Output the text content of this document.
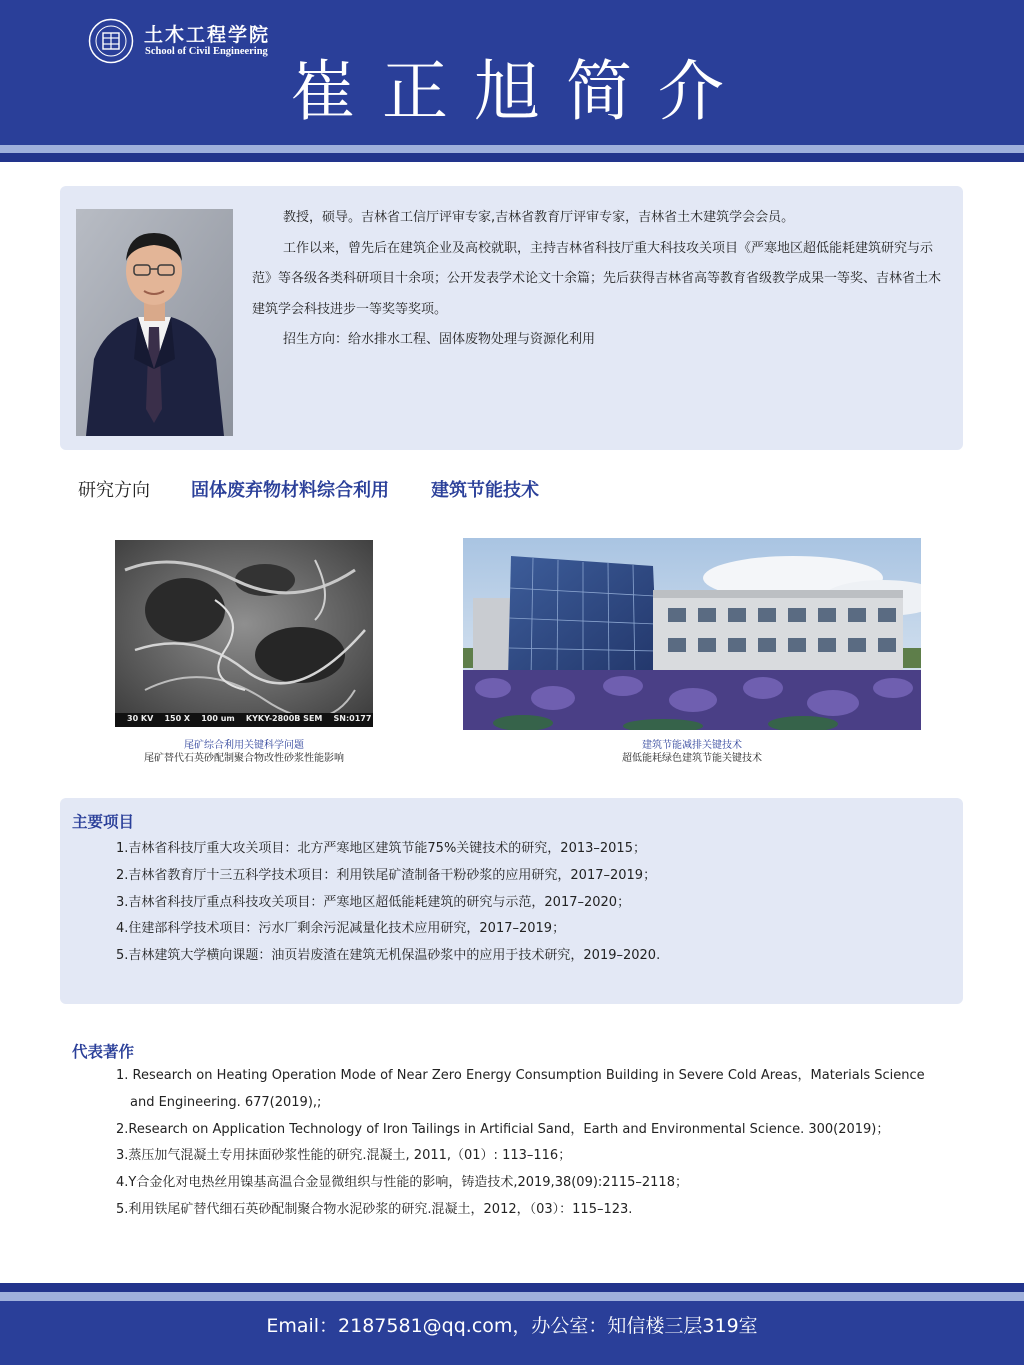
土木工程学院
School of Civil Engineering
崔正旭简介

教授，硕导。吉林省工信厅评审专家,吉林省教育厅评审专家，吉林省土木建筑学会会员。

工作以来，曾先后在建筑企业及高校就职，主持吉林省科技厅重大科技攻关项目《严寒地区超低能耗建筑研究与示范》等各级各类科研项目十余项；公开发表学术论文十余篇；先后获得吉林省高等教育省级教学成果一等奖、吉林省土木建筑学会科技进步一等奖等奖项。

招生方向：给水排水工程、固体废物处理与资源化利用

研究方向 固体废弃物材料综合利用 建筑节能技术
30 KV    150 X    100 um    KYKY-2800B SEM    SN:0177
尾矿综合利用关键科学问题
尾矿替代石英砂配制聚合物改性砂浆性能影响
建筑节能减排关键技术
超低能耗绿色建筑节能关键技术
主要项目
1.吉林省科技厅重大攻关项目：北方严寒地区建筑节能75%关键技术的研究，2013–2015；
2.吉林省教育厅十三五科学技术项目：利用铁尾矿渣制备干粉砂浆的应用研究，2017–2019；
3.吉林省科技厅重点科技攻关项目：严寒地区超低能耗建筑的研究与示范，2017–2020；
4.住建部科学技术项目：污水厂剩余污泥减量化技术应用研究，2017–2019；
5.吉林建筑大学横向课题：油页岩废渣在建筑无机保温砂浆中的应用于技术研究，2019–2020.
代表著作
1. Research on Heating Operation Mode of Near Zero Energy Consumption Building in Severe Cold Areas，Materials Science
and Engineering. 677(2019),;
2.Research on Application Technology of Iron Tailings in Artificial Sand，Earth and Environmental Science. 300(2019)；
3.蒸压加气混凝土专用抹面砂浆性能的研究.混凝土, 2011,（01）: 113–116；
4.Y合金化对电热丝用镍基高温合金显微组织与性能的影响，铸造技术,2019,38(09):2115–2118；
5.利用铁尾矿替代细石英砂配制聚合物水泥砂浆的研究.混凝土，2012，（03）：115–123.
Email：2187581@qq.com，办公室：知信楼三层319室
